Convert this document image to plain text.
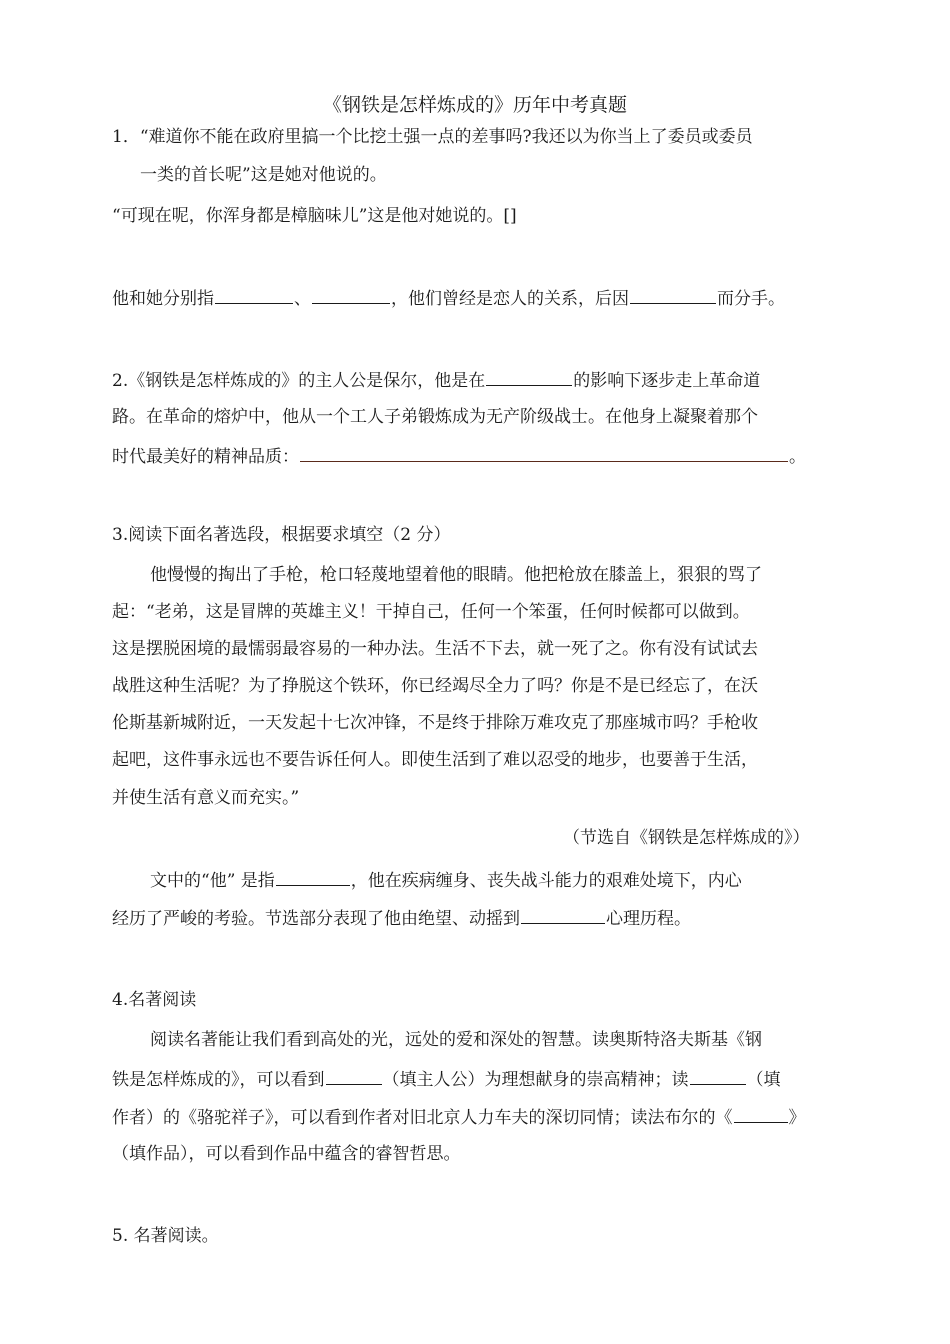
《钢铁是怎样炼成的》历年中考真题
1．“难道你不能在政府里搞一个比挖土强一点的差事吗?我还以为你当上了委员或委员
一类的首长呢”这是她对他说的。
“可现在呢，你浑身都是樟脑味儿”这是他对她说的。[]
他和她分别指	、	，他们曾经是恋人的关系，后因	而分手。
2.《钢铁是怎样炼成的》的主人公是保尔，他是在	的影响下逐步走上革命道
路。在革命的熔炉中，他从一个工人子弟锻炼成为无产阶级战士。在他身上凝聚着那个
时代最美好的精神品质：	。
3.阅读下面名著选段，根据要求填空（2 分）
他慢慢的掏出了手枪，枪口轻蔑地望着他的眼睛。他把枪放在膝盖上，狠狠的骂了
起：“老弟，这是冒牌的英雄主义！干掉自己，任何一个笨蛋，任何时候都可以做到。
这是摆脱困境的最懦弱最容易的一种办法。生活不下去，就一死了之。你有没有试试去
战胜这种生活呢？为了挣脱这个铁环，你已经竭尽全力了吗？你是不是已经忘了，在沃
伦斯基新城附近，一天发起十七次冲锋，不是终于排除万难攻克了那座城市吗？手枪收
起吧，这件事永远也不要告诉任何人。即使生活到了难以忍受的地步，也要善于生活，
并使生活有意义而充实。”
（节选自《钢铁是怎样炼成的》）
文中的“他” 是指	，他在疾病缠身、丧失战斗能力的艰难处境下，内心
经历了严峻的考验。节选部分表现了他由绝望、动摇到	心理历程。
4.名著阅读
阅读名著能让我们看到高处的光，远处的爱和深处的智慧。读奥斯特洛夫斯基《钢
铁是怎样炼成的》，可以看到	（填主人公）为理想献身的崇高精神；读	（填
作者）的《骆驼祥子》，可以看到作者对旧北京人力车夫的深切同情；读法布尔的《	》
（填作品），可以看到作品中蕴含的睿智哲思。
5. 名著阅读。
